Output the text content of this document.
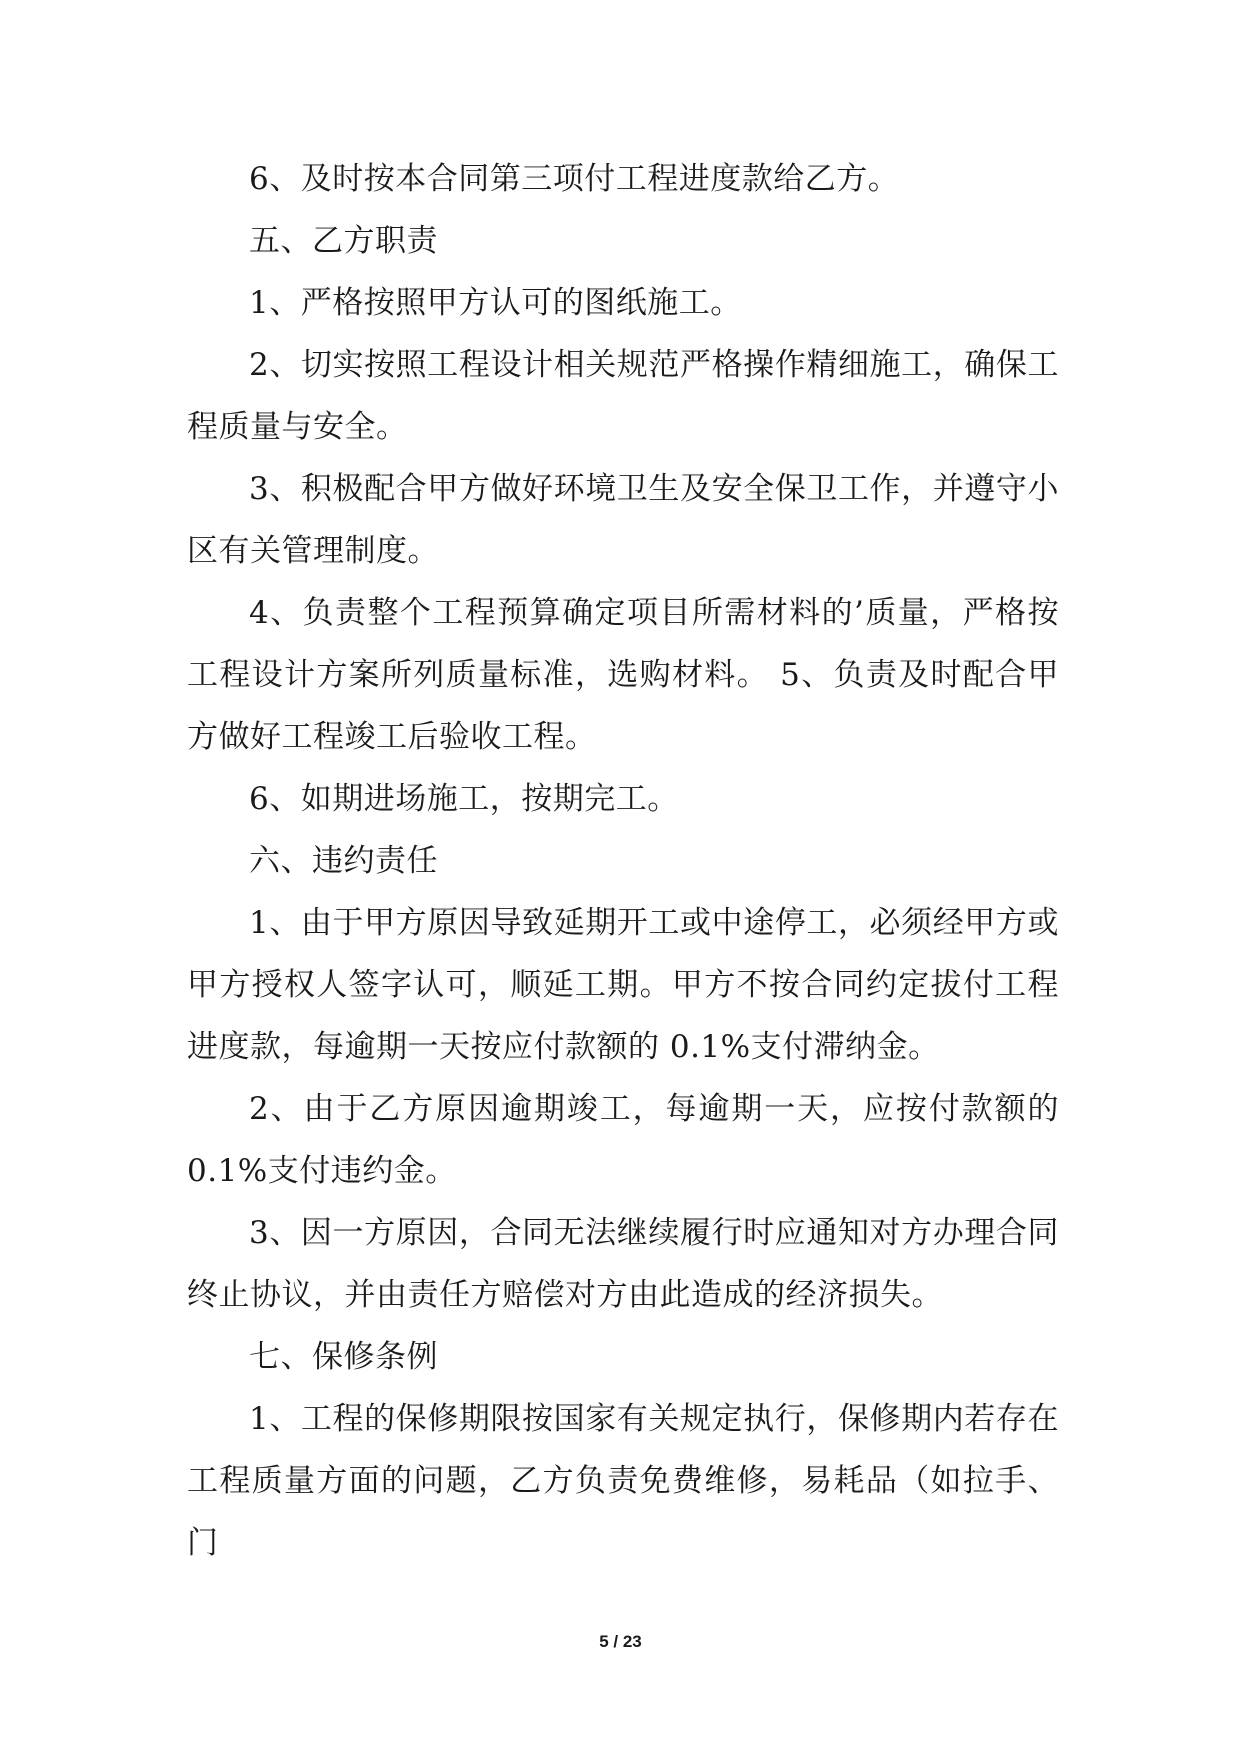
6、及时按本合同第三项付工程进度款给乙方。

五、乙方职责

1、严格按照甲方认可的图纸施工。

2、切实按照工程设计相关规范严格操作精细施工，确保工程质量与安全。

3、积极配合甲方做好环境卫生及安全保卫工作，并遵守小区有关管理制度。

4、负责整个工程预算确定项目所需材料的’质量，严格按工程设计方案所列质量标准，选购材料。 5、负责及时配合甲方做好工程竣工后验收工程。

6、如期进场施工，按期完工。

六、违约责任

1、由于甲方原因导致延期开工或中途停工，必须经甲方或甲方授权人签字认可，顺延工期。甲方不按合同约定拔付工程进度款，每逾期一天按应付款额的 0.1%支付滞纳金。

2、由于乙方原因逾期竣工，每逾期一天，应按付款额的 0.1%支付违约金。

3、因一方原因，合同无法继续履行时应通知对方办理合同终止协议，并由责任方赔偿对方由此造成的经济损失。

七、保修条例

1、工程的保修期限按国家有关规定执行，保修期内若存在工程质量方面的问题，乙方负责免费维修，易耗品（如拉手、门

5 / 23
